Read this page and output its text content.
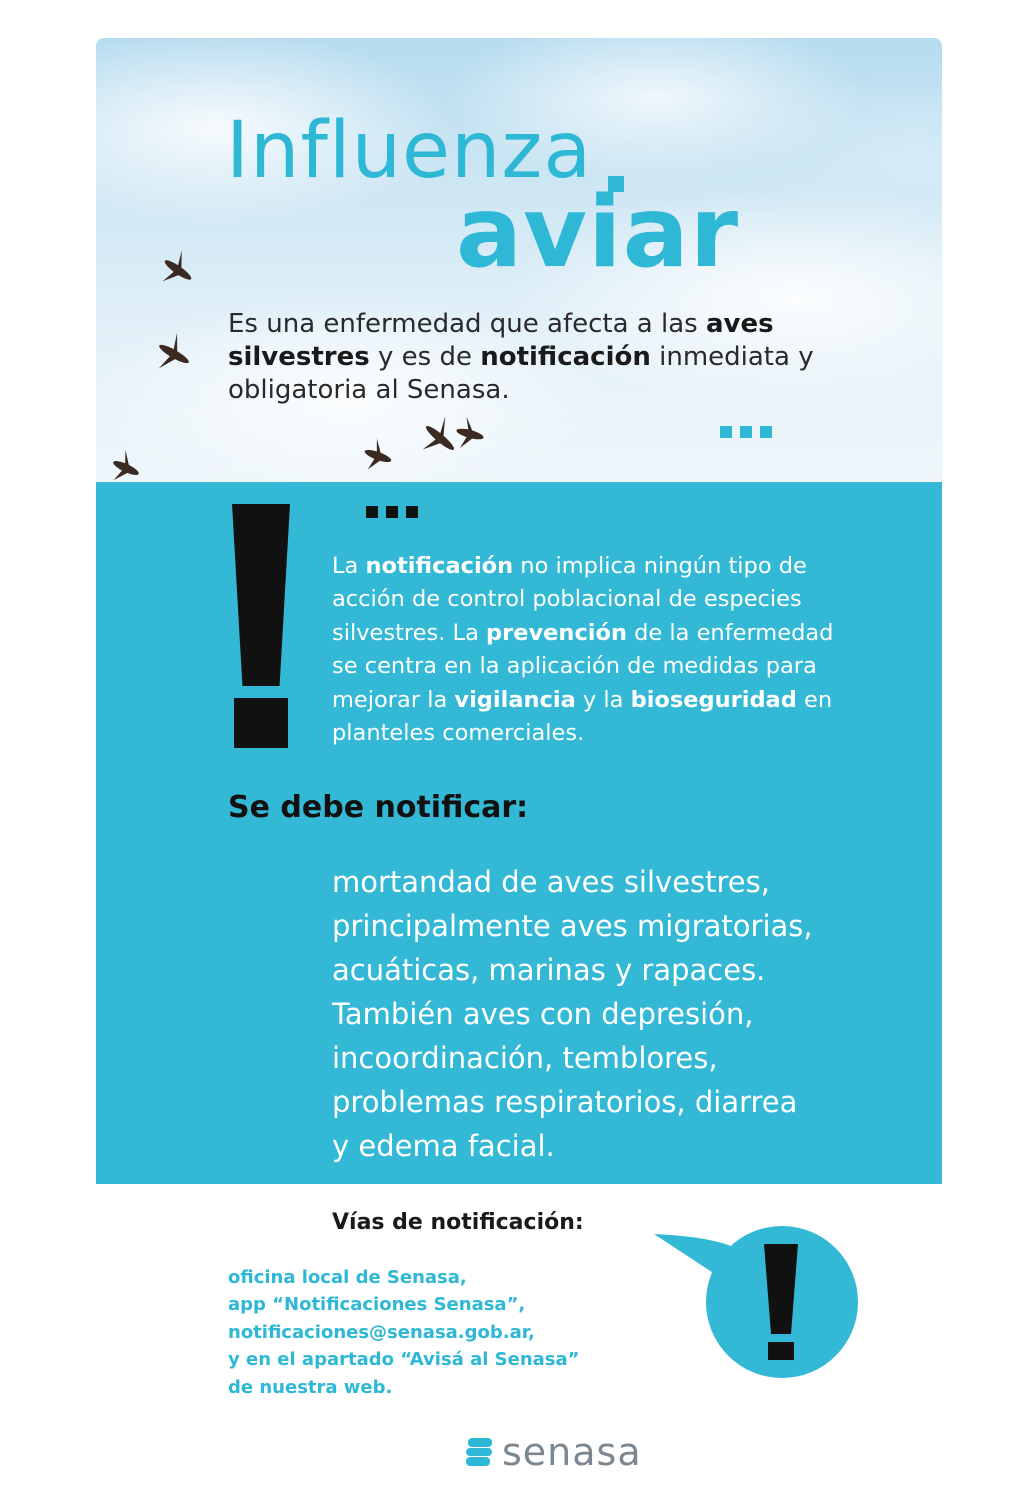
Influenza
aviar
Es una enfermedad que afecta a las aves silvestres y es de notificación inmediata y obligatoria al Senasa.
La notificación no implica ningún tipo de acción de control poblacional de especies silvestres. La prevención de la enfermedad se centra en la aplicación de medidas para mejorar la vigilancia y la bioseguridad en planteles comerciales.
Se debe notificar:
mortandad de aves silvestres,
principalmente aves migratorias,
acuáticas, marinas y rapaces.
También aves con depresión,
incoordinación, temblores,
problemas respiratorios, diarrea
y edema facial.
Vías de notificación:
oficina local de Senasa,
app “Notificaciones Senasa”,
notificaciones@senasa.gob.ar,
y en el apartado “Avisá al Senasa”
de nuestra web.
senasa
